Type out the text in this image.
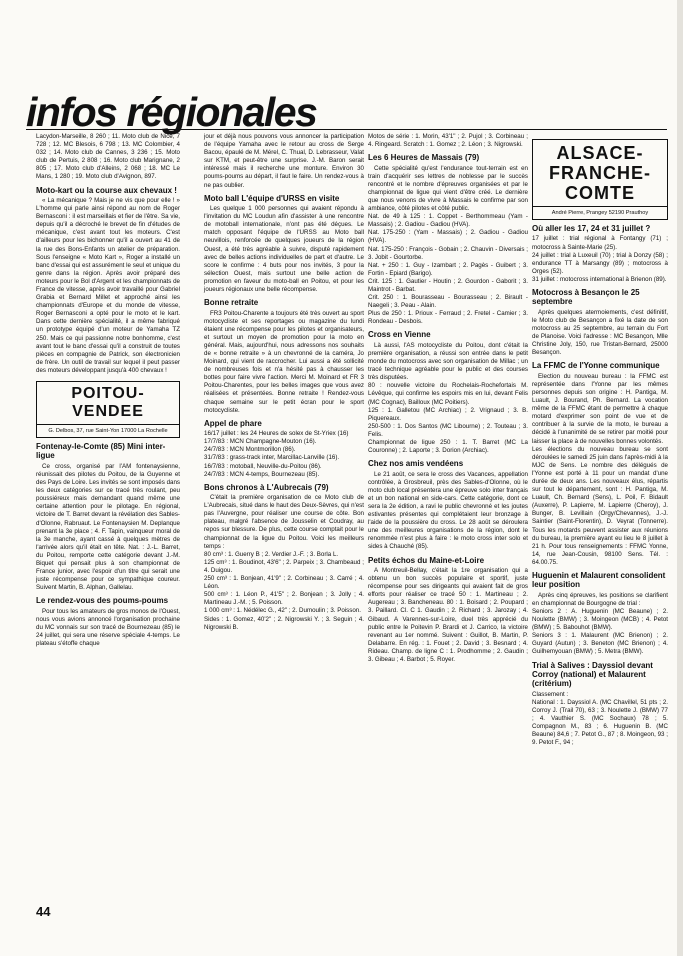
infos régionales

Lacydon-Marseille, 8 260 ; 11. Moto club de Nice, 7 728 ; 12. MC Blesois, 6 798 ; 13. MC Colombier, 4 032 ; 14. Moto club de Cannes, 3 236 ; 15. Moto club de Pertuis, 2 808 ; 16. Moto club Marignane, 2 805 ; 17. Moto club d'Alleins, 2 068 ; 18. MC Le Mans, 1 280 ; 19. Moto club d'Avignon, 897.

Moto-kart ou la course aux chevaux !

« La mécanique ? Mais je ne vis que pour elle ! » L'homme qui parle ainsi répond au nom de Roger Bernasconi : il est marseillais et fier de l'être. Sa vie, depuis qu'il a décroché le brevet de fin d'études de mécanique, c'est avant tout les moteurs. C'est d'ailleurs pour les bichonner qu'il a ouvert au 41 de la rue des Bons-Enfants un atelier de préparation. Sous l'enseigne « Moto Kart », Roger a installé un banc d'essai qui est assurément le seul et unique du genre dans la région. Après avoir préparé des moteurs pour le Bol d'Argent et les championnats de France de vitesse, après avoir travaillé pour Gabriel Grabia et Bernard Millet et approché ainsi les championnats d'Europe et du monde de vitesse, Roger Bernasconi a opté pour le moto et le kart. Dans cette dernière spécialité, il a même fabriqué un prototype équipé d'un moteur de Yamaha TZ 250. Mais ce qui passionne notre bonhomme, c'est avant tout le banc d'essai qu'il a construit de toutes pièces en compagnie de Patrick, son électronicien de frère. Un outil de travail sur lequel il peut passer des moteurs développant jusqu'à 400 chevaux !

POITOU-VENDEE
G. Delbos, 37, rue Saint-Yon 17000 La Rochelle
Fontenay-le-Comte (85) Mini inter-ligue

Ce cross, organisé par l'AM fontenaysienne, réunissait des pilotes du Poitou, de la Guyenne et des Pays de Loire. Les invités se sont imposés dans les deux catégories sur ce tracé très roulant, peu poussiéreux mais demandant quand même une certaine attention pour le pilotage. En régional, victoire de T. Barret devant la révélation des Sables-d'Olonne, Rabruaut. Le Fontenaysien M. Deplanque prenant la 3e place ; 4. F. Tapin, vainqueur moral de la 3e manche, ayant cassé à quelques mètres de l'arrivée alors qu'il était en tête. Nat. : J.-L. Barret, du Poitou, remporte cette catégorie devant J.-M. Biquet qui pensait plus à son championnat de France junior, avec l'espoir d'un titre qui serait une juste récompense pour ce sympathique coureur. Suivent Martin, B. Alphan, Gallelau.

Le rendez-vous des poums-poums

Pour tous les amateurs de gros monos de l'Ouest, nous vous avions annoncé l'organisation prochaine du MC vonnais sur son tracé de Bournezeau (85) le 24 juillet, qui sera une réserve spéciale 4-temps. Le plateau s'étoffe chaque

jour et déjà nous pouvons vous annoncer la participation de l'équipe Yamaha avec le retour au cross de Serge Bacou, épaulé de M. Mérel, C. Thual, D. Lebrasseur, Valat sur KTM, et peut-être une surprise. J.-M. Baron serait intéressé mais il recherche une monture. Environ 30 poums-poums au départ, il faut le faire. Un rendez-vous à ne pas oublier.

Moto ball L'équipe d'URSS en visite

Les quelque 1 000 personnes qui avaient répondu à l'invitation du MC Loudun afin d'assister à une rencontre de motoball internationale, n'ont pas été déçues. Le match opposant l'équipe de l'URSS au Moto ball neuvillois, renforcée de quelques joueurs de la région Ouest, a été très agréable à suivre, disputé rapidement avec de belles actions individuelles de part et d'autre. Le score le confirme : 4 buts pour nos invités, 3 pour la sélection Ouest, mais surtout une belle action de promotion en faveur du moto-ball en Poitou, et pour les joueurs régionaux une belle récompense.

Bonne retraite

FR3 Poitou-Charente a toujours été très ouvert au sport motocycliste et ses reportages ou magazine du lundi étaient une récompense pour les pilotes et organisateurs, et surtout un moyen de promotion pour la moto en général. Mais, aujourd'hui, nous adressons nos souhaits de « bonne retraite » à un chevronné de la caméra, Jo Moinard, qui vient de raccrocher. Lui aussi a été sollicité de nombreuses fois et n'a hésité pas à chausser les bottes pour faire vivre l'action. Merci M. Moinard et FR 3 Poitou-Charentes, pour les belles images que vous avez réalisées et présentées. Bonne retraite ! Rendez-vous chaque semaine sur le petit écran pour le sport motocycliste.

Appel de phare

16/17 juillet : les 24 Heures de solex de St-Yriex (16)
17/7/83 : MCN Champagne-Mouton (16).
24/7/83 : MCN Montmorillon (86).
31/7/83 : grass-track inter, Marcillac-Lanville (16).
16/7/83 : motoball, Neuville-du-Poitou (86).
24/7/83 : MCN 4-temps, Bournezeau (85).

Bons chronos à L'Aubrecais (79)

C'était la première organisation de ce Moto club de L'Aubrecais, situé dans le haut des Deux-Sèvres, qui n'est pas l'Auvergne, pour réaliser une course de côte. Bon plateau, malgré l'absence de Jousselin et Coudray, au repos sur blessure. De plus, cette course comptait pour le championnat de la ligue du Poitou. Voici les meilleurs temps :
80 cm³ : 1. Guerry B ; 2. Verdier J.-F. ; 3. Borla L.
125 cm³ : 1. Boudinot, 43'6" ; 2. Parpeix ; 3. Chambeaud ; 4. Duigou.
250 cm³ : 1. Bonjean, 41'9" ; 2. Corbineau ; 3. Carré ; 4. Léon.
500 cm³ : 1. Léon P., 41'5" ; 2. Bonjean ; 3. Jolly ; 4. Martineau J.-M. ; 5. Poisson.
1 000 cm³ : 1. Nédélec G., 42" ; 2. Dumoulin ; 3. Poisson.
Sides : 1. Gomez, 40'2" ; 2. Nigrowski Y. ; 3. Seguin ; 4. Nigrowski B.

Motos de série : 1. Morin, 43'1" ; 2. Pujol ; 3. Corbineau ; 4. Ringeard. Scratch : 1. Gomez ; 2. Léon ; 3. Nigrowski.

Les 6 Heures de Massais (79)

Cette spécialité qu'est l'endurance tout-terrain est en train d'acquérir ses lettres de noblesse par le succès rencontré et le nombre d'épreuves organisées et par le championnat de ligue qui vient d'être créé. Le dernière que nous venons de vivre à Massais le confirme par son ambiance, côté pilotes et côté public.
Nat. de 49 à 125 : 1. Coppet - Berthommeau (Yam - Massais) ; 2. Gadiou - Gadiou (HVA).
Nat. 175-250 : (Yam - Massais) ; 2. Gadiou - Gadiou (HVA).
Nat. 175-250 : François - Gobain ; 2. Chauvin - Diversais ; 3. Jobit - Gourtorbe.
Nat. + 250 : 1. Guy - Izambart ; 2. Pagès - Guibert ; 3. Fortin - Epiard (Barigo).
Crit. 125 : 1. Gautier - Houtin ; 2. Gourdon - Gaborit ; 3. Maintrot - Barbat.
Crit. 250 : 1. Bourasseau - Bourasseau ; 2. Birault - Naegeli ; 3. Peau - Alain.
Plus de 250 : 1. Prioux - Ferraud ; 2. Fretel - Camier ; 3. Rondeau - Desbois.

Cross en Vienne

Là aussi, l'AS motocycliste du Poitou, dont c'était la première organisation, a réussi son entrée dans le petit monde du motocross avec son organisation de Millac ; un tracé technique agréable pour le public et des courses très disputées.
80 : nouvelle victoire du Rochelais-Rochefortais M. Lévêque, qui confirme les espoirs mis en lui, devant Felis (MC Cognac), Bailloux (MC Poitiers).
125 : 1. Galletou (MC Archiac) ; 2. Vrignaud ; 3. B. Piquereaux.
250-500 : 1. Dos Santos (MC Libourne) ; 2. Touteau ; 3. Felis.
Championnat de ligue 250 : 1. T. Barret (MC La Couronne) ; 2. Laporte ; 3. Dorion (Archiac).

Chez nos amis vendéens

Le 21 août, ce sera le cross des Vacances, appellation contrôlée, à Grosbreuil, près des Sables-d'Olonne, où le moto club local présentera une épreuve solo inter français et un bon national en side-cars. Cette catégorie, dont ce sera la 2e édition, a ravi le public chevronné et les joutes estivantes présentes qui complétaient leur bronzage à l'aide de la poussière du cross. Le 28 août se déroulera une des meilleures organisations de la région, dont le renommée n'est plus à faire : le moto cross inter solo et sides à Chauché (85).

Petits échos du Maine-et-Loire

A Montreuil-Bellay, c'était la 1re organisation qui a obtenu un bon succès populaire et sportif, juste récompense pour ses dirigeants qui avaient fait de gros efforts pour réaliser ce tracé 50 : 1. Martineau ; 2. Augereau ; 3. Bancheneau. 80 : 1. Boisard ; 2. Poupard ; 3. Paillard. Cl. C 1. Gaudin ; 2. Richard ; 3. Jarozay ; 4. Gibaud. A Varennes-sur-Loire, duel très apprécié du public entre le Poitevin P. Brardi et J. Carrico, la victoire revenant au 1er nommé. Suivent : Guillot, B. Martin, P. Delabarre. En rég. : 1. Fouet ; 2. David ; 3. Besnard ; 4. Rideau. Champ. de ligne C : 1. Prodhomme ; 2. Gaudin ; 3. Gibeau ; 4. Barbot ; 5. Royer.

ALSACE-FRANCHE-COMTE
André Pierre, Prangey 52190 Prauthoy
Où aller les 17, 24 et 31 juillet ?

17 juillet : trial régional à Fontangy (71) ; motocross à Sainte-Marie (25).
24 juillet : trial à Luxeuil (70) ; trial à Donzy (58) ; endurance TT à Marsangy (89) ; motocross à Orges (52).
31 juillet : motocross international à Brienon (89).

Motocross à Besançon le 25 septembre

Après quelques atermoiements, c'est définitif, le Moto club de Besançon a fixé la date de son motocross au 25 septembre, au terrain du Fort de Planoise. Voici l'adresse : MC Besançon, Mlle Christine Joly, 150, rue Tristan-Bernard, 25000 Besançon.

La FFMC de l'Yonne communique

Election du nouveau bureau : la FFMC est représentée dans l'Yonne par les mêmes personnes depuis son origine : H. Pantiga, M. Luault, J. Bourand, Ph. Bernard. La vocation même de la FFMC étant de permettre à chaque motard d'exprimer son point de vue et de contribuer à la survie de la moto, le bureau a décidé à l'unanimité de se retirer par moitié pour laisser la place à de nouvelles bonnes volontés.
Les élections du nouveau bureau se sont déroulées le samedi 25 juin dans l'après-midi à la MJC de Sens. Le nombre des délégués de l'Yonne est porté à 11 pour un mandat d'une durée de deux ans. Les nouveaux élus, répartis sur tout le département, sont : H. Pantiga, M. Luault, Ch. Bernard (Sens), L. Poil, F. Bidault (Auxerre), P. Lapierre, M. Lapierre (Cheroy), J. Bunger, B. Levillain (Orgy/Chevannes), J.-J. Saintier (Saint-Florentin), D. Veyrat (Tonnerre). Tous les motards peuvent assister aux réunions du bureau, la première ayant eu lieu le 8 juillet à 21 h. Pour tous renseignements : FFMC Yonne, 14, rue Jean-Cousin, 98100 Sens. Tél. : 64.00.75.

Huguenin et Malaurent consolident leur position

Après cinq épreuves, les positions se clarifient en championnat de Bourgogne de trial :
Seniors 2 : A. Huguenin (MC Beaune) ; 2. Noulette (BMW) ; 3. Moingeon (MCB) ; 4. Petot (BMW) ; 5. Babouhot (BMW).
Seniors 3 : 1. Malaurent (MC Brienon) ; 2. Guyard (Autun) ; 3. Beneton (MC Brienon) ; 4. Guilhemyouan (BMW) ; 5. Metra (BMW).

Trial à Salives : Dayssiol devant Corroy (national) et Malaurent (critérium)

Classement :
National : 1. Dayssiol A. (MC Chavillel, 51 pts ; 2. Corroy J. (Trail 70), 63 ; 3. Noulette J. (BMW) 77 ; 4. Vauthier S. (MC Sochaux) 78 ; 5. Compagnon M., 83 ; 6. Huguenin B. (MC Beaune) 84,6 ; 7. Petot G., 87 ; 8. Moingeon, 93 ; 9. Petot F., 94 ;

44
